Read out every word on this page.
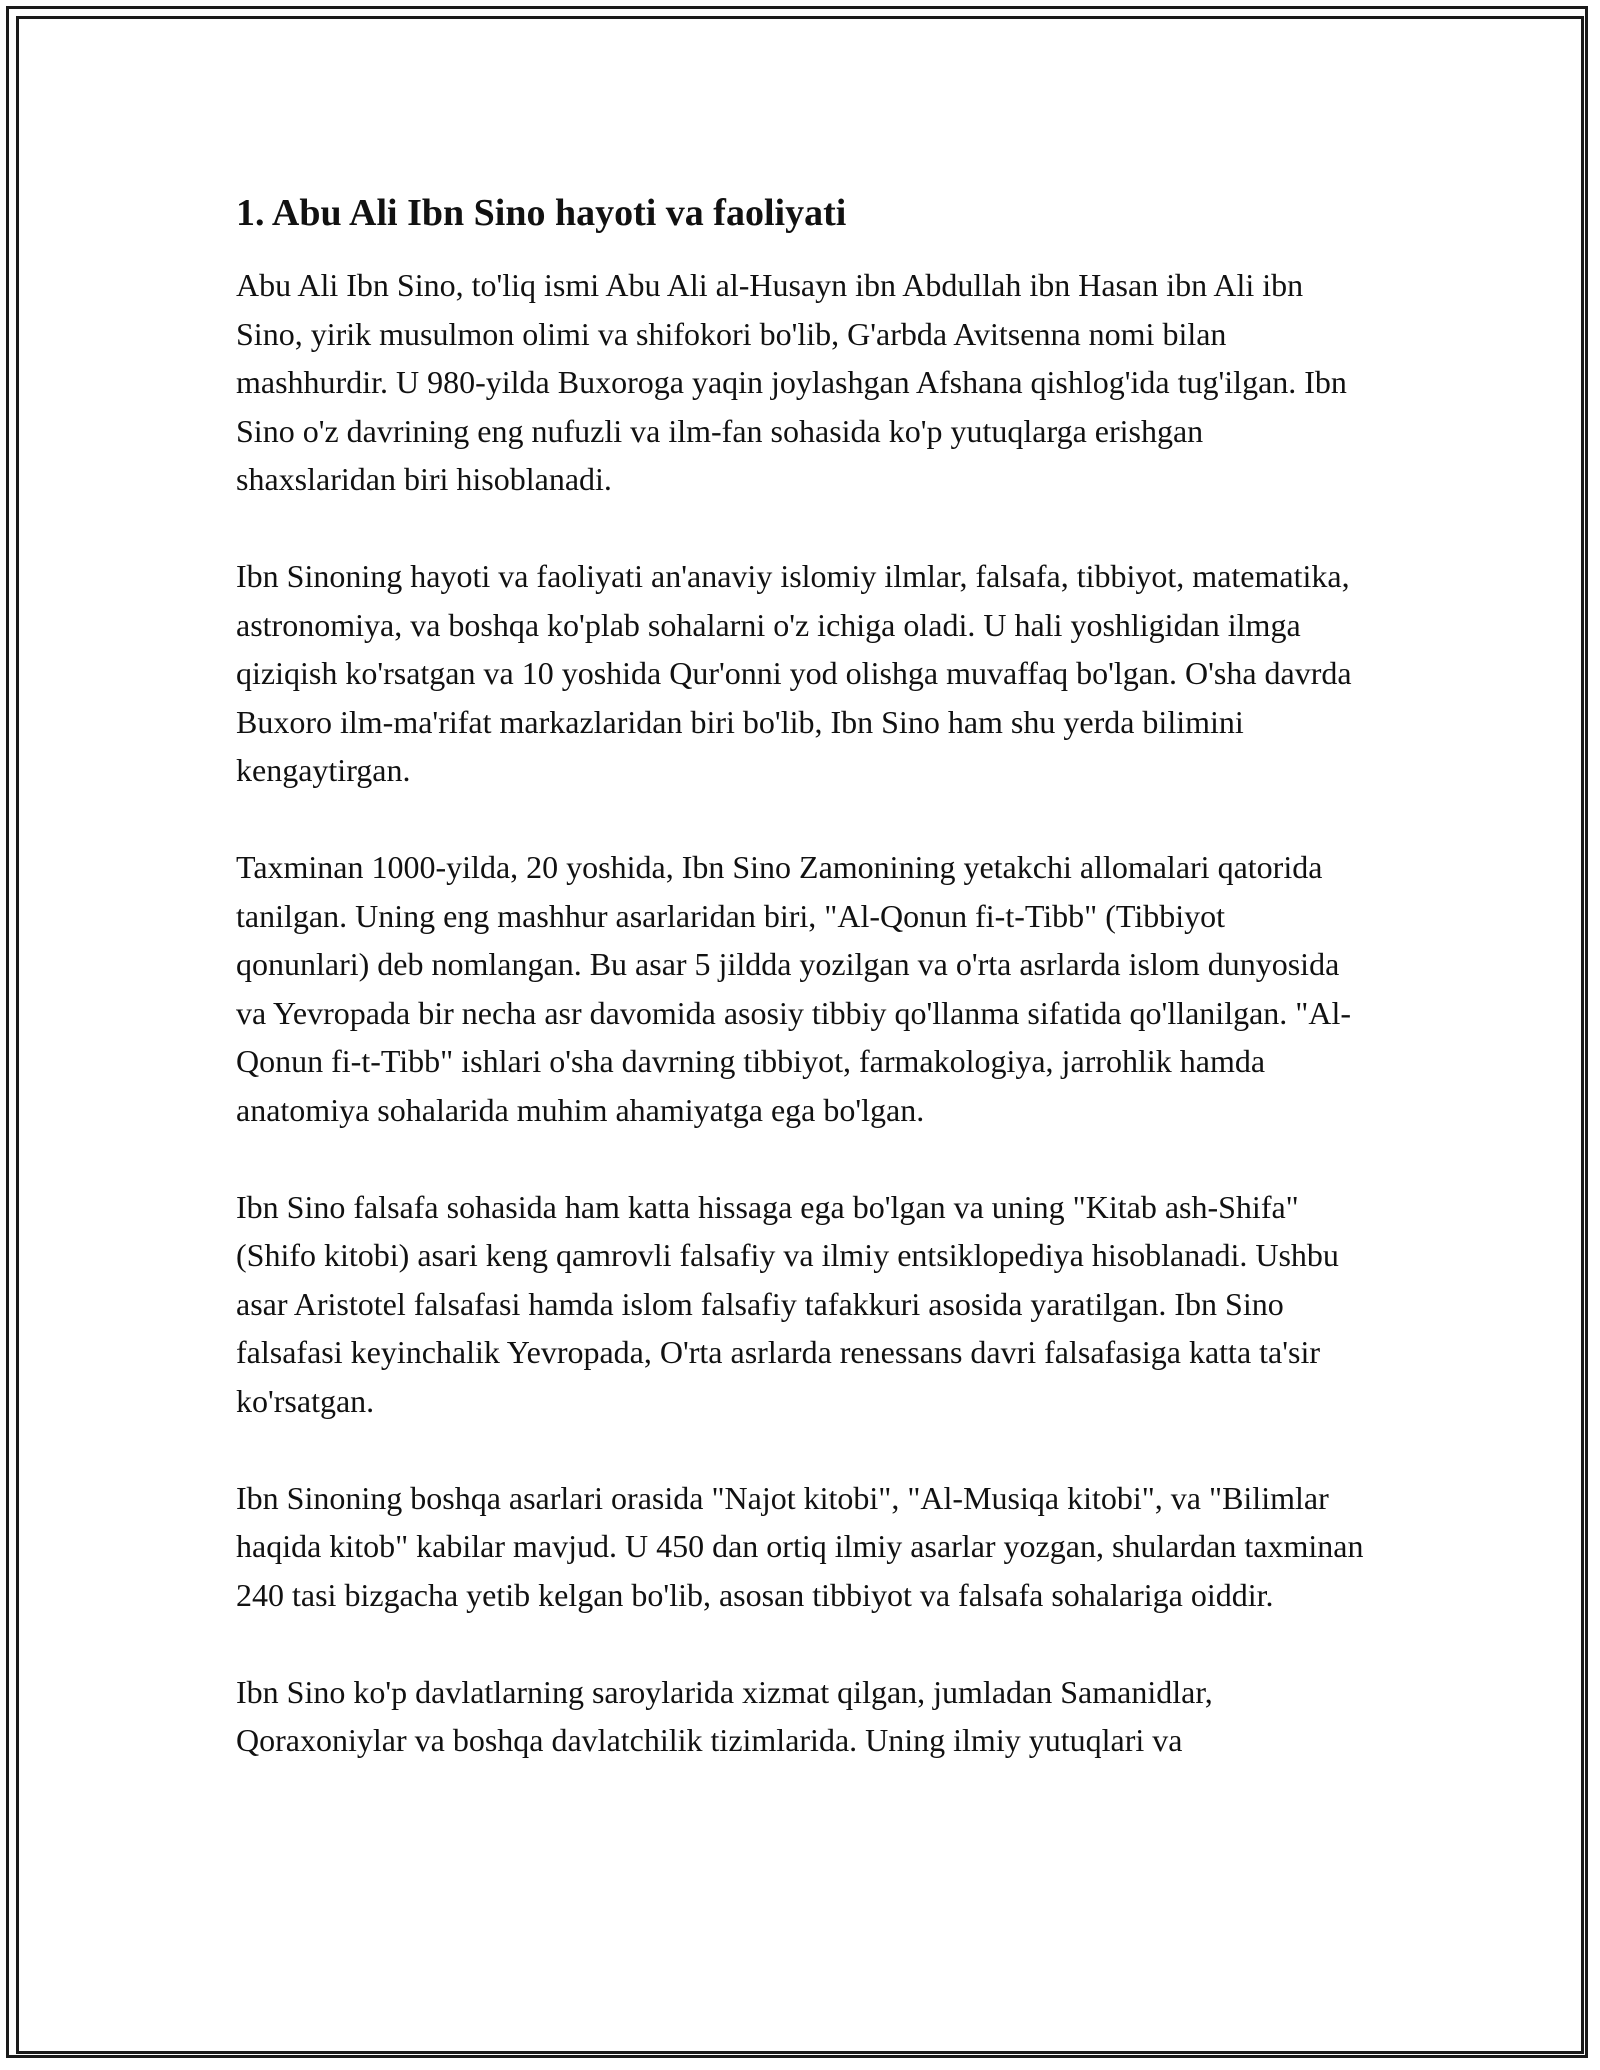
1. Abu Ali Ibn Sino hayoti va faoliyati

Abu Ali Ibn Sino, to'liq ismi Abu Ali al-Husayn ibn Abdullah ibn Hasan ibn Ali ibn Sino, yirik musulmon olimi va shifokori bo'lib, G'arbda Avitsenna nomi bilan mashhurdir. U 980-yilda Buxoroga yaqin joylashgan Afshana qishlog'ida tug'ilgan. Ibn Sino o'z davrining eng nufuzli va ilm-fan sohasida ko'p yutuqlarga erishgan shaxslaridan biri hisoblanadi.

Ibn Sinoning hayoti va faoliyati an'anaviy islomiy ilmlar, falsafa, tibbiyot, matematika, astronomiya, va boshqa ko'plab sohalarni o'z ichiga oladi. U hali yoshligidan ilmga qiziqish ko'rsatgan va 10 yoshida Qur'onni yod olishga muvaffaq bo'lgan. O'sha davrda Buxoro ilm-ma'rifat markazlaridan biri bo'lib, Ibn Sino ham shu yerda bilimini kengaytirgan.

Taxminan 1000-yilda, 20 yoshida, Ibn Sino Zamonining yetakchi allomalari qatorida tanilgan. Uning eng mashhur asarlaridan biri, "Al-Qonun fi-t-Tibb" (Tibbiyot qonunlari) deb nomlangan. Bu asar 5 jildda yozilgan va o'rta asrlarda islom dunyosida va Yevropada bir necha asr davomida asosiy tibbiy qo'llanma sifatida qo'llanilgan. "Al-Qonun fi-t-Tibb" ishlari o'sha davrning tibbiyot, farmakologiya, jarrohlik hamda anatomiya sohalarida muhim ahamiyatga ega bo'lgan.

Ibn Sino falsafa sohasida ham katta hissaga ega bo'lgan va uning "Kitab ash-Shifa" (Shifo kitobi) asari keng qamrovli falsafiy va ilmiy entsiklopediya hisoblanadi. Ushbu asar Aristotel falsafasi hamda islom falsafiy tafakkuri asosida yaratilgan. Ibn Sino falsafasi keyinchalik Yevropada, O'rta asrlarda renessans davri falsafasiga katta ta'sir ko'rsatgan.

Ibn Sinoning boshqa asarlari orasida "Najot kitobi", "Al-Musiqa kitobi", va "Bilimlar haqida kitob" kabilar mavjud. U 450 dan ortiq ilmiy asarlar yozgan, shulardan taxminan 240 tasi bizgacha yetib kelgan bo'lib, asosan tibbiyot va falsafa sohalariga oiddir.

Ibn Sino ko'p davlatlarning saroylarida xizmat qilgan, jumladan Samanidlar, Qoraxoniylar va boshqa davlatchilik tizimlarida. Uning ilmiy yutuqlari va
